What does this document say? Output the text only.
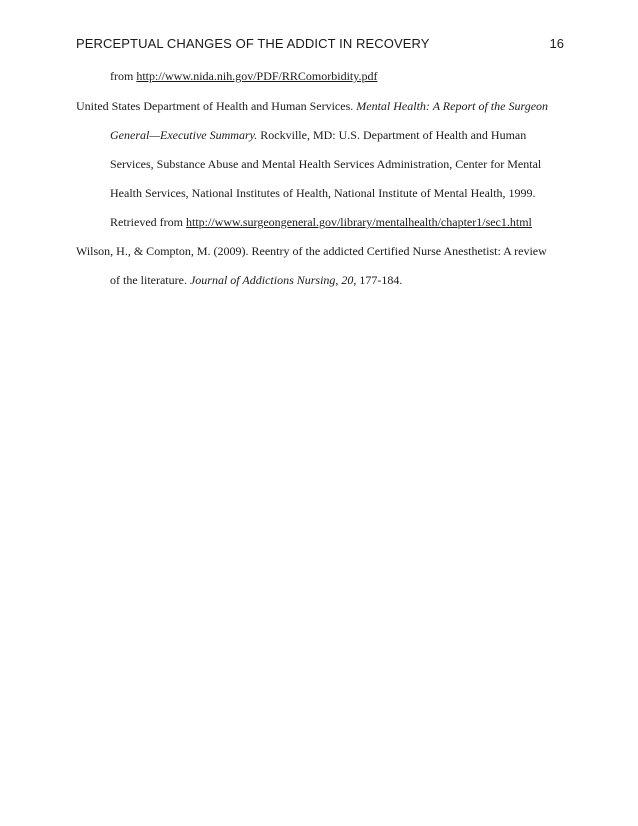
PERCEPTUAL CHANGES OF THE ADDICT IN RECOVERY	16
from http://www.nida.nih.gov/PDF/RRComorbidity.pdf
United States Department of Health and Human Services. Mental Health: A Report of the Surgeon
General—Executive Summary. Rockville, MD: U.S. Department of Health and Human
Services, Substance Abuse and Mental Health Services Administration, Center for Mental
Health Services, National Institutes of Health, National Institute of Mental Health, 1999.
Retrieved from http://www.surgeongeneral.gov/library/mentalhealth/chapter1/sec1.html
Wilson, H., & Compton, M. (2009). Reentry of the addicted Certified Nurse Anesthetist: A review
of the literature. Journal of Addictions Nursing, 20, 177-184.
